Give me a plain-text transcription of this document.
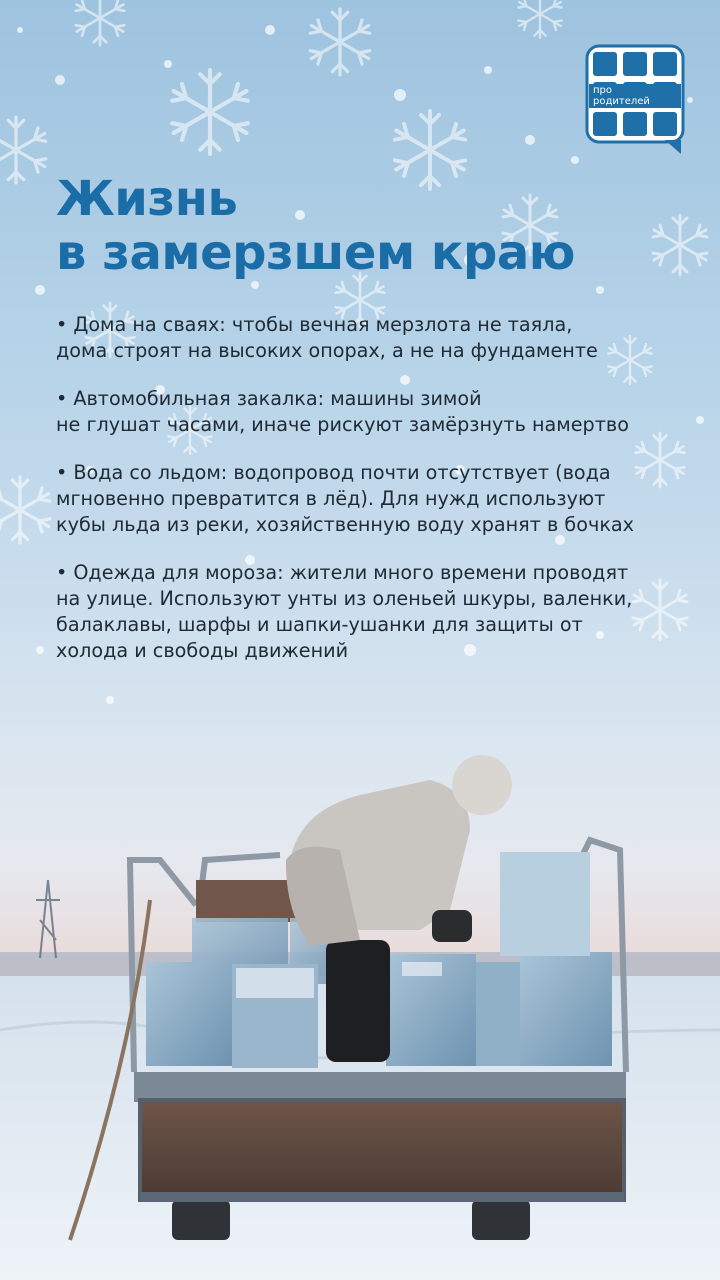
про
родителей
Жизнь
в замерзшем краю
• Дома на сваях: чтобы вечная мерзлота не таяла,
дома строят на высоких опорах, а не на фундаменте
• Автомобильная закалка: машины зимой
не глушат часами, иначе рискуют замёрзнуть намертво
• Вода со льдом: водопровод почти отсутствует (вода
мгновенно превратится в лёд). Для нужд используют
кубы льда из реки, хозяйственную воду хранят в бочках
• Одежда для мороза: жители много времени проводят
на улице. Используют унты из оленьей шкуры, валенки,
балаклавы, шарфы и шапки-ушанки для защиты от
холода и свободы движений
